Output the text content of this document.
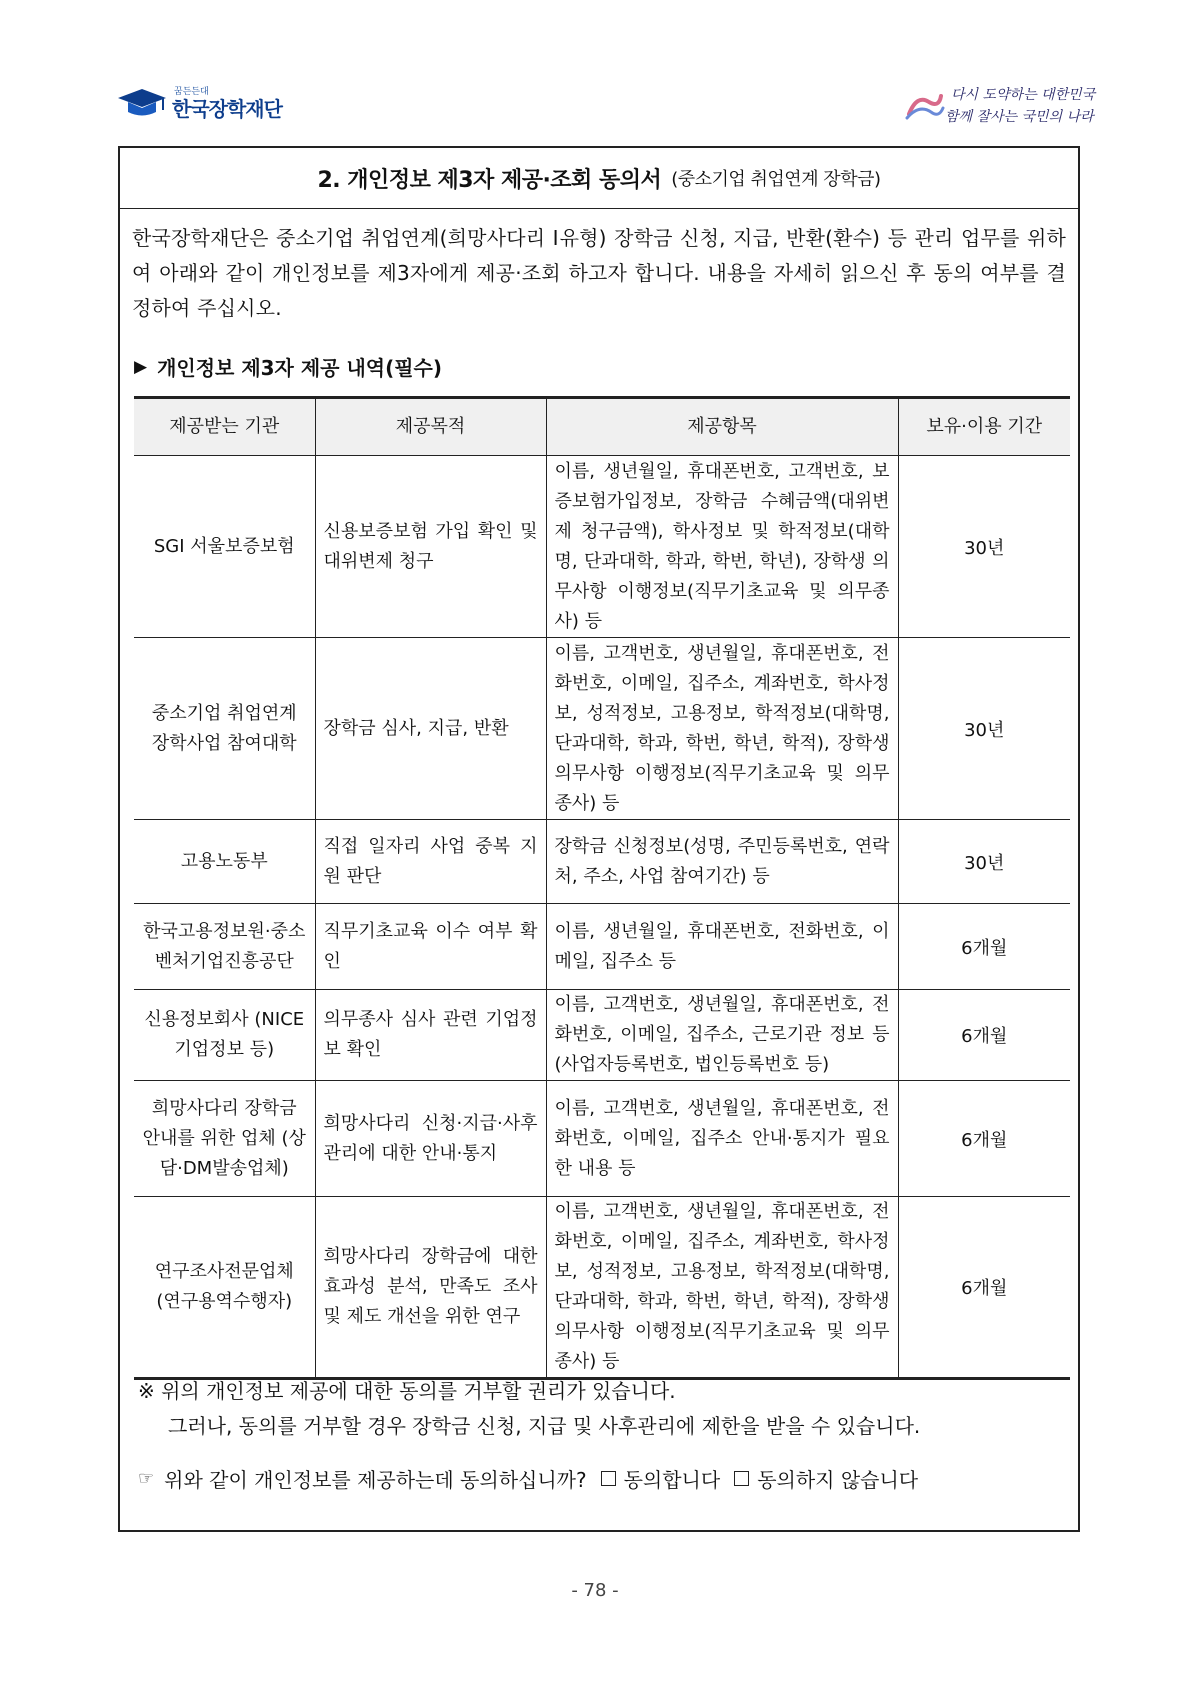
꿈든든대
한국장학재단
다시 도약하는 대한민국
함께 잘사는 국민의 나라
2. 개인정보 제3자 제공·조회 동의서 (중소기업 취업연계 장학금)
한국장학재단은 중소기업 취업연계(희망사다리 Ⅰ유형) 장학금 신청, 지급, 반환(환수) 등 관리 업무를 위하여 아래와 같이 개인정보를 제3자에게 제공·조회 하고자 합니다. 내용을 자세히 읽으신 후 동의 여부를 결정하여 주십시오.
▶ 개인정보 제3자 제공 내역(필수)
제공받는 기관	제공목적	제공항목	보유·이용 기간
SGI 서울보증보험	신용보증보험 가입 확인 및 대위변제 청구	이름, 생년월일, 휴대폰번호, 고객번호, 보증보험가입정보, 장학금 수혜금액(대위변제 청구금액), 학사정보 및 학적정보(대학명, 단과대학, 학과, 학번, 학년), 장학생 의무사항 이행정보(직무기초교육 및 의무종사) 등	30년
중소기업 취업연계 장학사업 참여대학	장학금 심사, 지급, 반환	이름, 고객번호, 생년월일, 휴대폰번호, 전화번호, 이메일, 집주소, 계좌번호, 학사정보, 성적정보, 고용정보, 학적정보(대학명, 단과대학, 학과, 학번, 학년, 학적), 장학생 의무사항 이행정보(직무기초교육 및 의무종사) 등	30년
고용노동부	직접 일자리 사업 중복 지원 판단	장학금 신청정보(성명, 주민등록번호, 연락처, 주소, 사업 참여기간) 등	30년
한국고용정보원·중소벤처기업진흥공단	직무기초교육 이수 여부 확인	이름, 생년월일, 휴대폰번호, 전화번호, 이메일, 집주소 등	6개월
신용정보회사 (NICE기업정보 등)	의무종사 심사 관련 기업정보 확인	이름, 고객번호, 생년월일, 휴대폰번호, 전화번호, 이메일, 집주소, 근로기관 정보 등(사업자등록번호, 법인등록번호 등)	6개월
희망사다리 장학금 안내를 위한 업체 (상담·DM발송업체)	희망사다리 신청·지급·사후관리에 대한 안내·통지	이름, 고객번호, 생년월일, 휴대폰번호, 전화번호, 이메일, 집주소 안내·통지가 필요한 내용 등	6개월
연구조사전문업체 (연구용역수행자)	희망사다리 장학금에 대한 효과성 분석, 만족도 조사 및 제도 개선을 위한 연구	이름, 고객번호, 생년월일, 휴대폰번호, 전화번호, 이메일, 집주소, 계좌번호, 학사정보, 성적정보, 고용정보, 학적정보(대학명, 단과대학, 학과, 학번, 학년, 학적), 장학생 의무사항 이행정보(직무기초교육 및 의무종사) 등	6개월
※ 위의 개인정보 제공에 대한 동의를 거부할 권리가 있습니다.
그러나, 동의를 거부할 경우 장학금 신청, 지급 및 사후관리에 제한을 받을 수 있습니다.
☞ 위와 같이 개인정보를 제공하는데 동의하십니까? 동의합니다 동의하지 않습니다
- 78 -
